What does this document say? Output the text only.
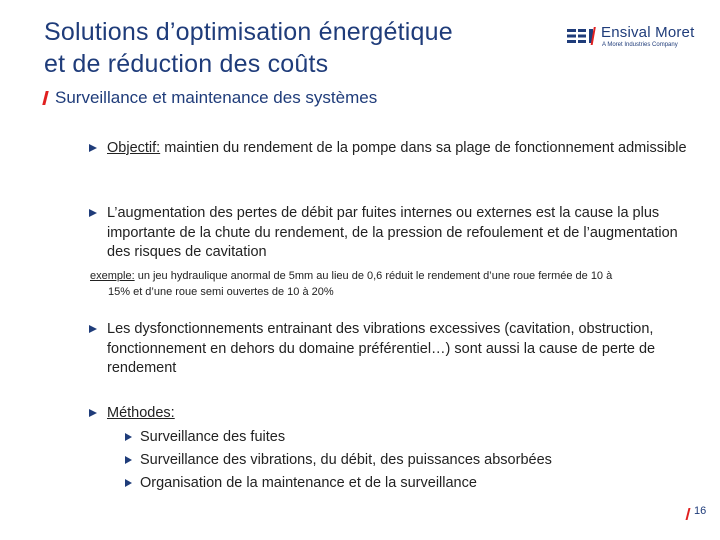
Solutions d’optimisation énergétique
et de réduction des coûts
Ensival Moret
A Moret Industries Company
Surveillance et maintenance des systèmes
Objectif: maintien du rendement de la pompe dans sa plage de fonctionnement admissible
L’augmentation des pertes de débit par fuites internes ou externes est la cause la plus importante de la chute du rendement, de la pression de refoulement et de l’augmentation des risques de cavitation
exemple: un jeu hydraulique anormal de 5mm au lieu de 0,6 réduit le rendement d’une roue fermée de 10 à
15% et d’une roue semi ouvertes de 10 à 20%
Les dysfonctionnements entrainant des vibrations excessives (cavitation, obstruction, fonctionnement en dehors du domaine préférentiel…) sont aussi la cause de perte de rendement
Méthodes:
Surveillance des fuites
Surveillance des vibrations, du débit, des puissances absorbées
Organisation de la maintenance et de la surveillance
16
